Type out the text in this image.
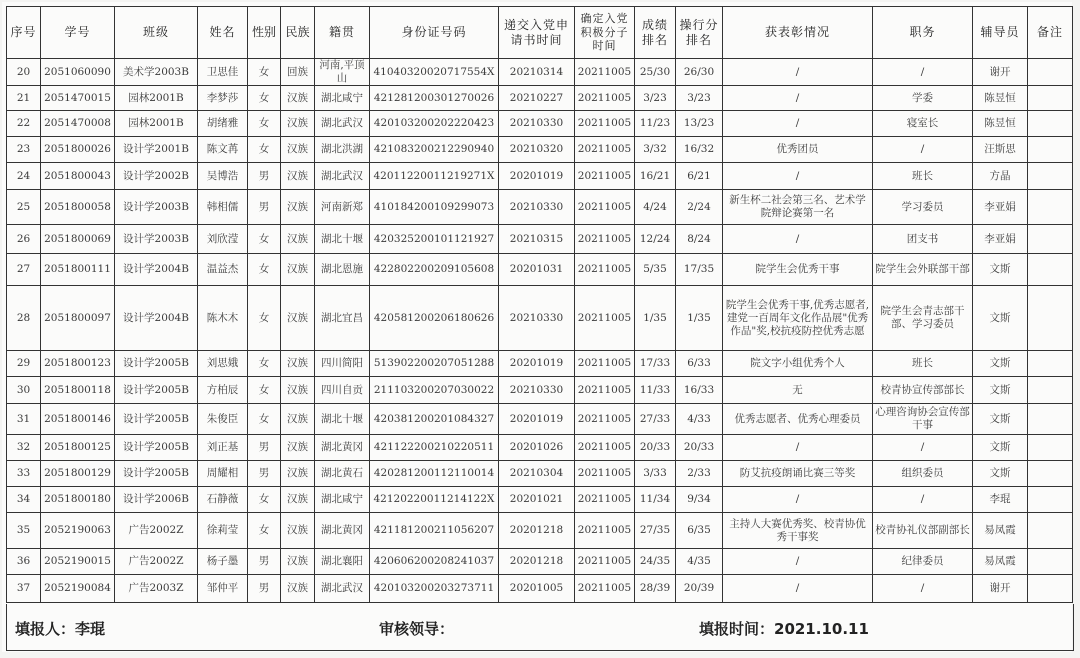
序号	学号	班级	姓名	性别	民族	籍贯	身份证号码	递交入党申请书时间	确定入党积极分子时间	成绩排名	操行分排名	获表彰情况	职务	辅导员	备注
20	2051060090	美术学2003B	卫思佳	女	回族	河南,平顶山	41040320020717554X	20210314	20211005	25/30	26/30	/	/	谢开	
21	2051470015	园林2001B	李梦莎	女	汉族	湖北咸宁	421281200301270026	20210227	20211005	3/23	3/23	/	学委	陈昱恒	
22	2051470008	园林2001B	胡绪雅	女	汉族	湖北武汉	420103200202220423	20210330	20211005	11/23	13/23	/	寝室长	陈昱恒	
23	2051800026	设计学2001B	陈文苒	女	汉族	湖北洪湖	421083200212290940	20210320	20211005	3/32	16/32	优秀团员	/	汪斯思	
24	2051800043	设计学2002B	吴博浩	男	汉族	湖北武汉	42011220011219271X	20201019	20211005	16/21	6/21	/	班长	方晶	
25	2051800058	设计学2003B	韩相儒	男	汉族	河南新郑	410184200109299073	20210330	20211005	4/24	2/24	新生杯二社会第三名、艺术学院辩论赛第一名	学习委员	李亚娟	
26	2051800069	设计学2003B	刘欣滢	女	汉族	湖北十堰	420325200101121927	20210315	20211005	12/24	8/24	/	团支书	李亚娟	
27	2051800111	设计学2004B	温益杰	女	汉族	湖北恩施	422802200209105608	20201031	20211005	5/35	17/35	院学生会优秀干事	院学生会外联部干部	文斯	
28	2051800097	设计学2004B	陈木木	女	汉族	湖北宜昌	420581200206180626	20210330	20211005	1/35	1/35	院学生会优秀干事,优秀志愿者,建党一百周年文化作品展"优秀作品"奖,校抗疫防控优秀志愿	院学生会青志部干部、学习委员	文斯	
29	2051800123	设计学2005B	刘思娥	女	汉族	四川简阳	513902200207051288	20201019	20211005	17/33	6/33	院文字小组优秀个人	班长	文斯	
30	2051800118	设计学2005B	方柏辰	女	汉族	四川自贡	211103200207030022	20210330	20211005	11/33	16/33	无	校青协宣传部部长	文斯	
31	2051800146	设计学2005B	朱俊臣	女	汉族	湖北十堰	420381200201084327	20201019	20211005	27/33	4/33	优秀志愿者、优秀心理委员	心理咨询协会宣传部干事	文斯	
32	2051800125	设计学2005B	刘正基	男	汉族	湖北黄冈	421122200210220511	20201026	20211005	20/33	20/33	/	/	文斯	
33	2051800129	设计学2005B	周耀相	男	汉族	湖北黄石	420281200112110014	20210304	20211005	3/33	2/33	防艾抗疫朗诵比赛三等奖	组织委员	文斯	
34	2051800180	设计学2006B	石静薇	女	汉族	湖北咸宁	42120220011214122X	20201021	20211005	11/34	9/34	/	/	李琨	
35	2052190063	广告2002Z	徐莉莹	女	汉族	湖北黄冈	421181200211056207	20201218	20211005	27/35	6/35	主持人大赛优秀奖、校青协优秀干事奖	校青协礼仪部副部长	易凤霞	
36	2052190015	广告2002Z	杨子墨	男	汉族	湖北襄阳	420606200208241037	20201218	20211005	24/35	4/35	/	纪律委员	易凤霞	
37	2052190084	广告2003Z	邹仲平	男	汉族	湖北武汉	420103200203273711	20201005	20211005	28/39	20/39	/	/	谢开	
填报人：李琨	审核领导：	填报时间：2021.10.11
